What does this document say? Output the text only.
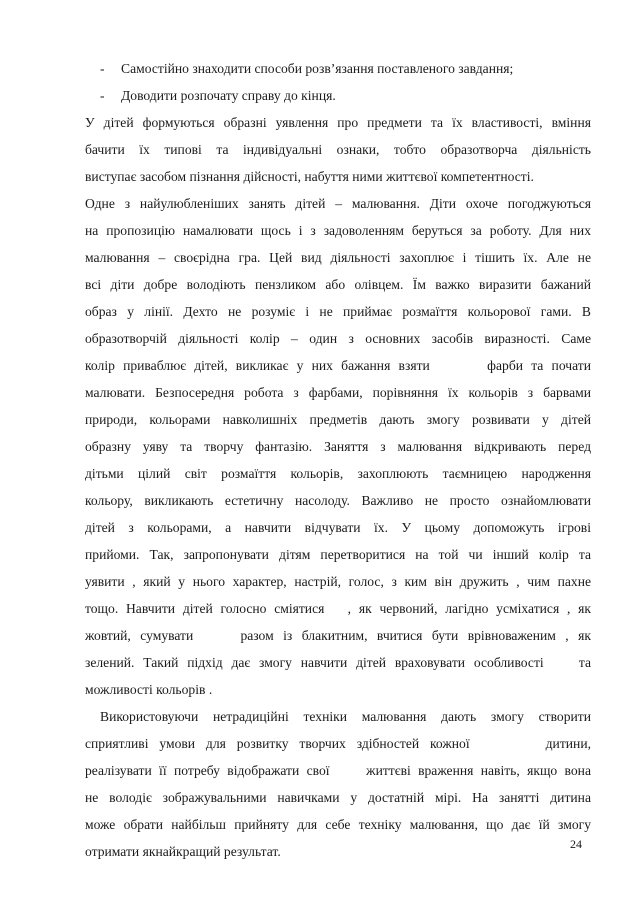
- Самостійно знаходити способи розв’язання поставленого завдання;
- Доводити розпочату справу до кінця.
У дітей формуються образні уявлення про предмети та їх властивості, вміння
бачити їх типові та індивідуальні ознаки, тобто образотворча діяльність
виступає засобом пізнання дійсності, набуття ними життєвої компетентності.
Одне з найулюбленіших занять дітей – малювання. Діти охоче погоджуються
на пропозицію намалювати щось і з задоволенням беруться за роботу. Для них
малювання – своєрідна гра. Цей вид діяльності захоплює і тішить їх. Але не
всі діти добре володіють пензликом або олівцем. Їм важко виразити бажаний
образ у лінії. Дехто не розуміє і не приймає розмаїття кольорової гами. В
образотворчій діяльності колір – один з основних засобів виразності. Саме
колір приваблює дітей, викликає у них бажання взяти       фарби та почати
малювати. Безпосередня робота з фарбами, порівняння їх кольорів з барвами
природи, кольорами навколишніх предметів дають змогу розвивати у дітей
образну уяву та творчу фантазію. Заняття з малювання відкривають перед
дітьми цілий світ розмаїття кольорів, захоплюють таємницею народження
кольору, викликають естетичну насолоду. Важливо не просто ознайомлювати
дітей з кольорами, а навчити відчувати їх. У цьому допоможуть ігрові
прийоми. Так, запропонувати дітям перетворитися на той чи інший колір та
уявити , який у нього характер, настрій, голос, з ким він дружить , чим пахне
тощо. Навчити дітей голосно сміятися   , як червоний, лагідно усміхатися , як
жовтий, сумувати     разом із блакитним, вчитися бути врівноваженим , як
зелений. Такий підхід дає змогу навчити дітей враховувати особливості    та
можливості кольорів .
Використовуючи нетрадиційні техніки малювання дають змогу створити
сприятливі умови для розвитку творчих здібностей кожної       дитини,
реалізувати її потребу відображати свої     життєві враження навіть, якщо вона
не володіє зображувальними навичками у достатній мірі. На занятті дитина
може обрати найбільш прийняту для себе техніку малювання, що дає їй змогу
отримати якнайкращий результат.	24
